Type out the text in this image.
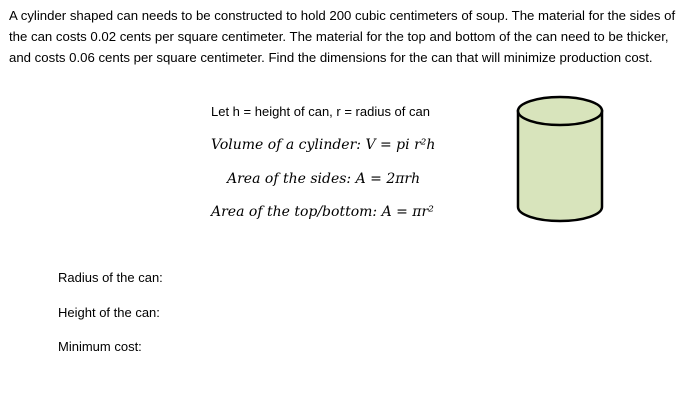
A cylinder shaped can needs to be constructed to hold 200 cubic centimeters of soup. The material for the sides of the can costs 0.02 cents per square centimeter. The material for the top and bottom of the can need to be thicker, and costs 0.06 cents per square centimeter. Find the dimensions for the can that will minimize production cost.

Let h = height of can, r = radius of can
Volume of a cylinder: V = pi r²h
Area of the sides: A = 2πrh
Area of the top/bottom: A = πr²
Radius of the can:
Height of the can:
Minimum cost:
